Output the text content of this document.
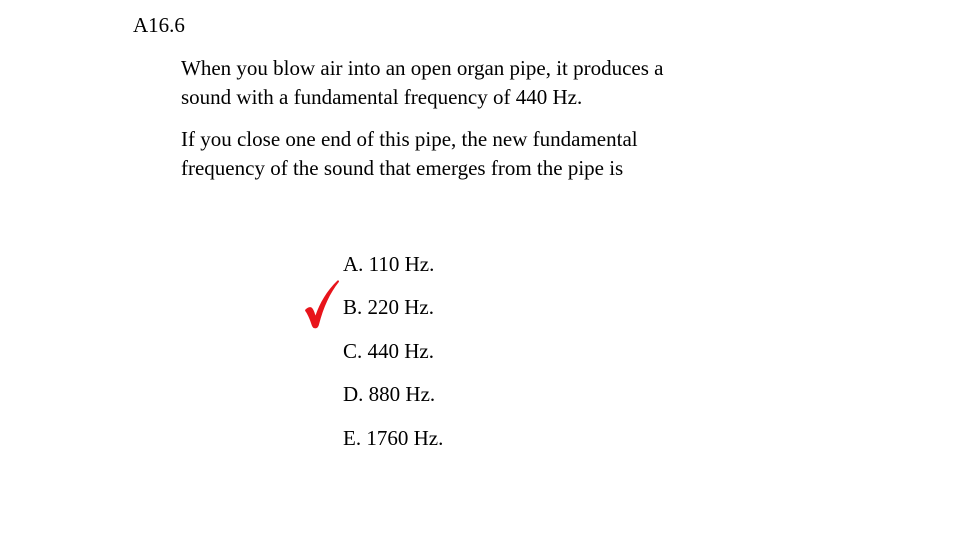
A16.6
When you blow air into an open organ pipe, it produces a
sound with a fundamental frequency of 440 Hz.
If you close one end of this pipe, the new fundamental
frequency of the sound that emerges from the pipe is
A. 110 Hz.
B. 220 Hz.
C. 440 Hz.
D. 880 Hz.
E. 1760 Hz.
